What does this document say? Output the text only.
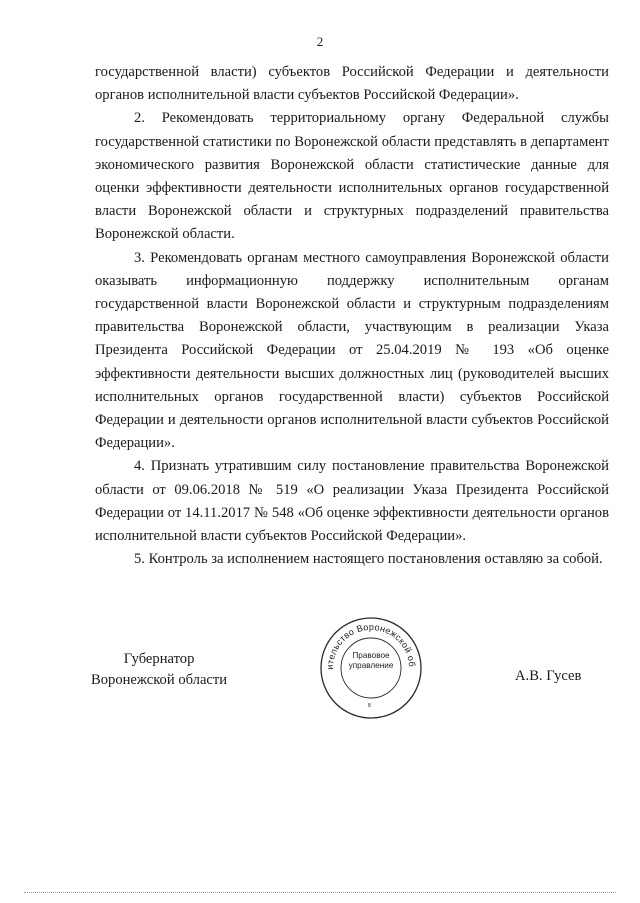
2

государственной власти) субъектов Российской Федерации и деятельности органов исполнительной власти субъектов Российской Федерации».

2. Рекомендовать территориальному органу Федеральной службы государственной статистики по Воронежской области представлять в департамент экономического развития Воронежской области статистические данные для оценки эффективности деятельности исполнительных органов государственной власти Воронежской области и структурных подразделений правительства Воронежской области.

3. Рекомендовать органам местного самоуправления Воронежской области оказывать информационную поддержку исполнительным органам государственной власти Воронежской области и структурным подразделениям правительства Воронежской области, участвующим в реализации Указа Президента Российской Федерации от 25.04.2019 № 193 «Об оценке эффективности деятельности высших должностных лиц (руководителей высших исполнительных органов государственной власти) субъектов Российской Федерации и деятельности органов исполнительной власти субъектов Российской Федерации».

4. Признать утратившим силу постановление правительства Воронежской области от 09.06.2018 № 519 «О реализации Указа Президента Российской Федерации от 14.11.2017 № 548 «Об оценке эффективности деятельности органов исполнительной власти субъектов Российской Федерации».

5. Контроль за исполнением настоящего постановления оставляю за собой.

Губернатор
Воронежской области
ительство Воронежской об
Правовое
управление
8
А.В. Гусев
